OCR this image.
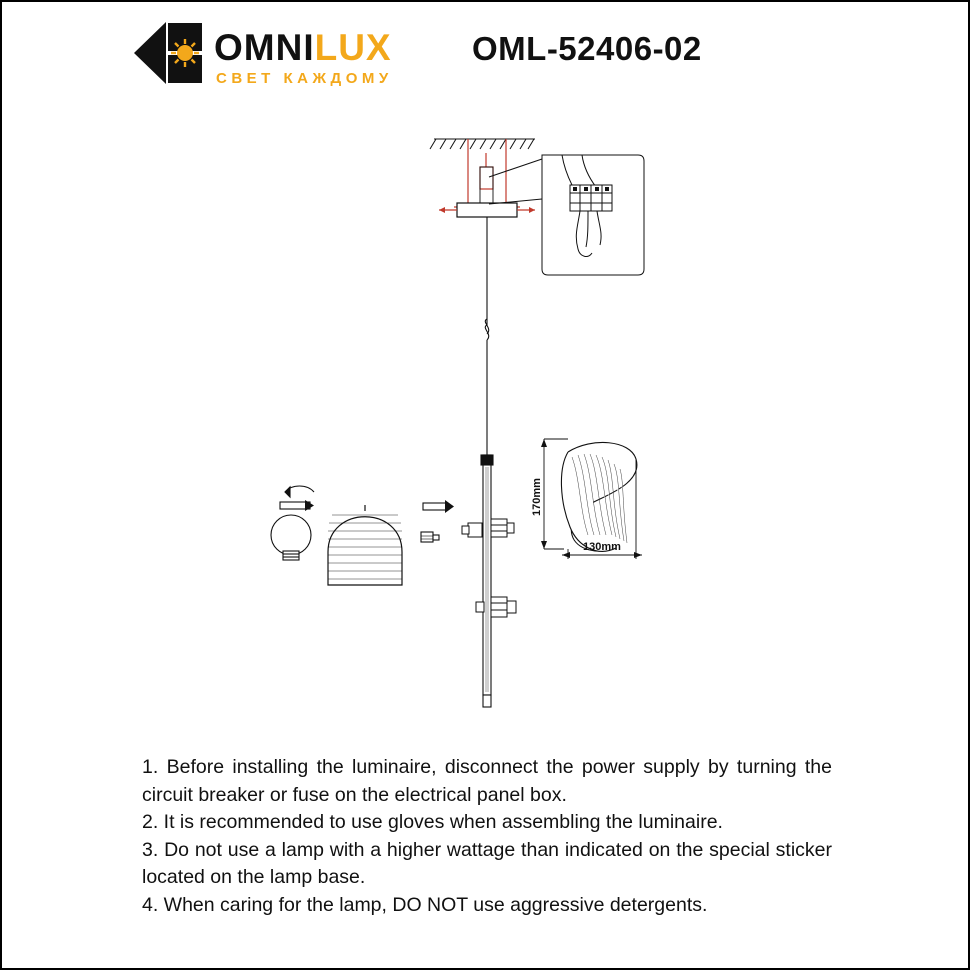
OMNILUX
СВЕТ КАЖДОМУ
OML-52406-02
170mm
130mm

1. Before installing the luminaire, disconnect the power supply by turning the circuit breaker or fuse on the electrical panel box.

2. It is recommended to use gloves when assembling the luminaire.

3. Do not use a lamp with a higher wattage than indicated on the special sticker located on the lamp base.

4. When caring for the lamp, DO NOT use aggressive detergents.
